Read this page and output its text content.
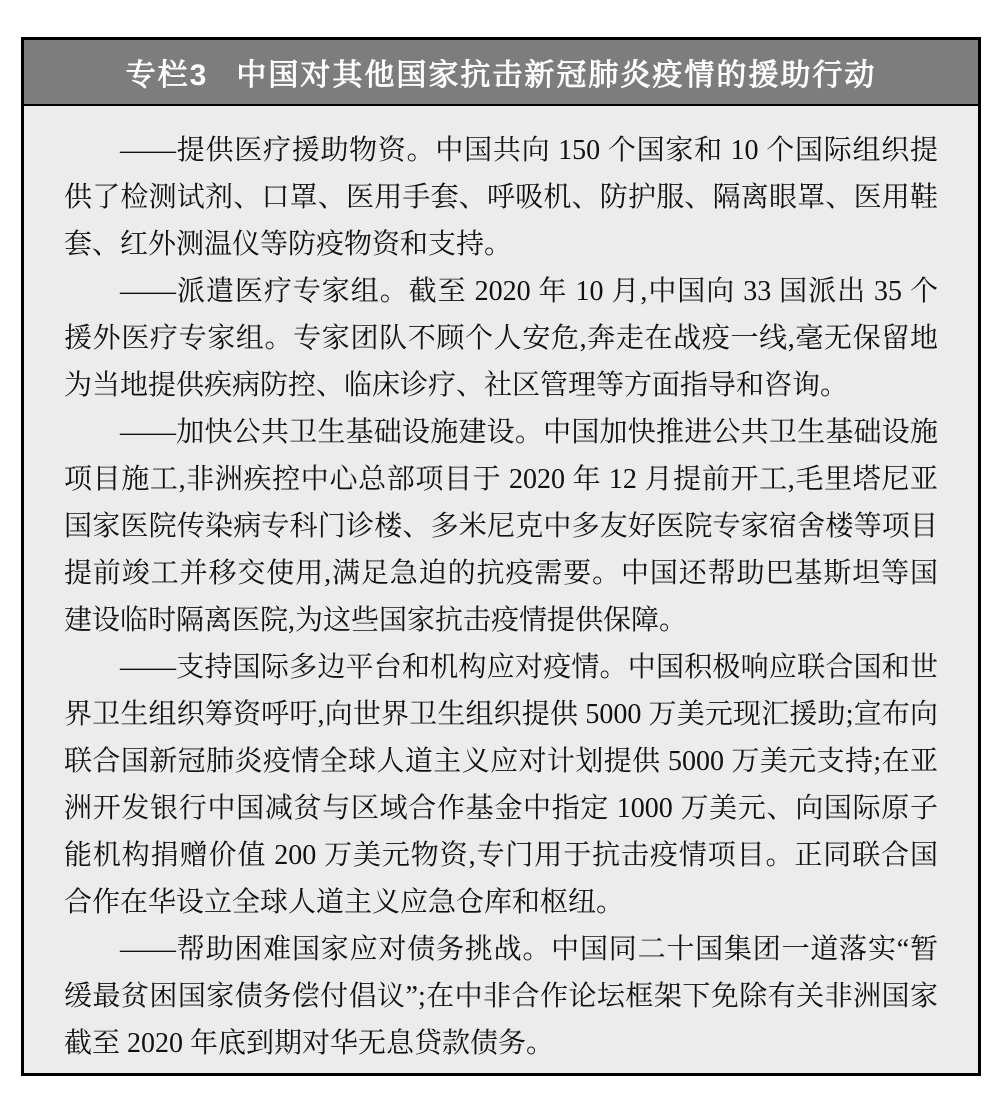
专栏3 中国对其他国家抗击新冠肺炎疫情的援助行动

——提供医疗援助物资。中国共向 150 个国家和 10 个国际组织提供了检测试剂、口罩、医用手套、呼吸机、防护服、隔离眼罩、医用鞋套、红外测温仪等防疫物资和支持。

——派遣医疗专家组。截至 2020 年 10 月,中国向 33 国派出 35 个援外医疗专家组。专家团队不顾个人安危,奔走在战疫一线,毫无保留地为当地提供疾病防控、临床诊疗、社区管理等方面指导和咨询。

——加快公共卫生基础设施建设。中国加快推进公共卫生基础设施项目施工,非洲疾控中心总部项目于 2020 年 12 月提前开工,毛里塔尼亚国家医院传染病专科门诊楼、多米尼克中多友好医院专家宿舍楼等项目提前竣工并移交使用,满足急迫的抗疫需要。中国还帮助巴基斯坦等国建设临时隔离医院,为这些国家抗击疫情提供保障。

——支持国际多边平台和机构应对疫情。中国积极响应联合国和世界卫生组织筹资呼吁,向世界卫生组织提供 5000 万美元现汇援助;宣布向联合国新冠肺炎疫情全球人道主义应对计划提供 5000 万美元支持;在亚洲开发银行中国减贫与区域合作基金中指定 1000 万美元、向国际原子能机构捐赠价值 200 万美元物资,专门用于抗击疫情项目。正同联合国合作在华设立全球人道主义应急仓库和枢纽。

——帮助困难国家应对债务挑战。中国同二十国集团一道落实“暂缓最贫困国家债务偿付倡议”;在中非合作论坛框架下免除有关非洲国家截至 2020 年底到期对华无息贷款债务。
